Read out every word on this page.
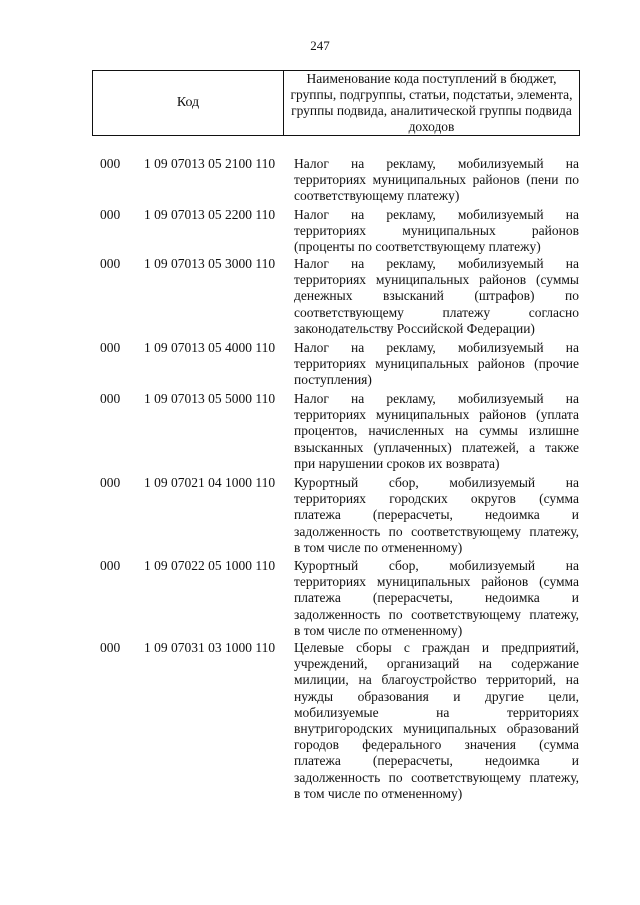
247
Код
Наименование кода поступлений в бюджет, группы, подгруппы, статьи, подстатьи, элемента, группы подвида, аналитической группы подвида доходов
000	1 09 07013 05 2100 110	Налог на рекламу, мобилизуемый на
территориях муниципальных районов (пени по
соответствующему платежу)
000	1 09 07013 05 2200 110	Налог на рекламу, мобилизуемый на
территориях муниципальных районов
(проценты по соответствующему платежу)
000	1 09 07013 05 3000 110	Налог на рекламу, мобилизуемый на
территориях муниципальных районов (суммы
денежных взысканий (штрафов) по
соответствующему платежу согласно
законодательству Российской Федерации)
000	1 09 07013 05 4000 110	Налог на рекламу, мобилизуемый на
территориях муниципальных районов (прочие
поступления)
000	1 09 07013 05 5000 110	Налог на рекламу, мобилизуемый на
территориях муниципальных районов (уплата
процентов, начисленных на суммы излишне
взысканных (уплаченных) платежей, а также
при нарушении сроков их возврата)
000	1 09 07021 04 1000 110	Курортный сбор, мобилизуемый на
территориях городских округов (сумма
платежа (перерасчеты, недоимка и
задолженность по соответствующему платежу,
в том числе по отмененному)
000	1 09 07022 05 1000 110	Курортный сбор, мобилизуемый на
территориях муниципальных районов (сумма
платежа (перерасчеты, недоимка и
задолженность по соответствующему платежу,
в том числе по отмененному)
000	1 09 07031 03 1000 110	Целевые сборы с граждан и предприятий,
учреждений, организаций на содержание
милиции, на благоустройство территорий, на
нужды образования и другие цели,
мобилизуемые на территориях
внутригородских муниципальных образований
городов федерального значения (сумма
платежа (перерасчеты, недоимка и
задолженность по соответствующему платежу,
в том числе по отмененному)
